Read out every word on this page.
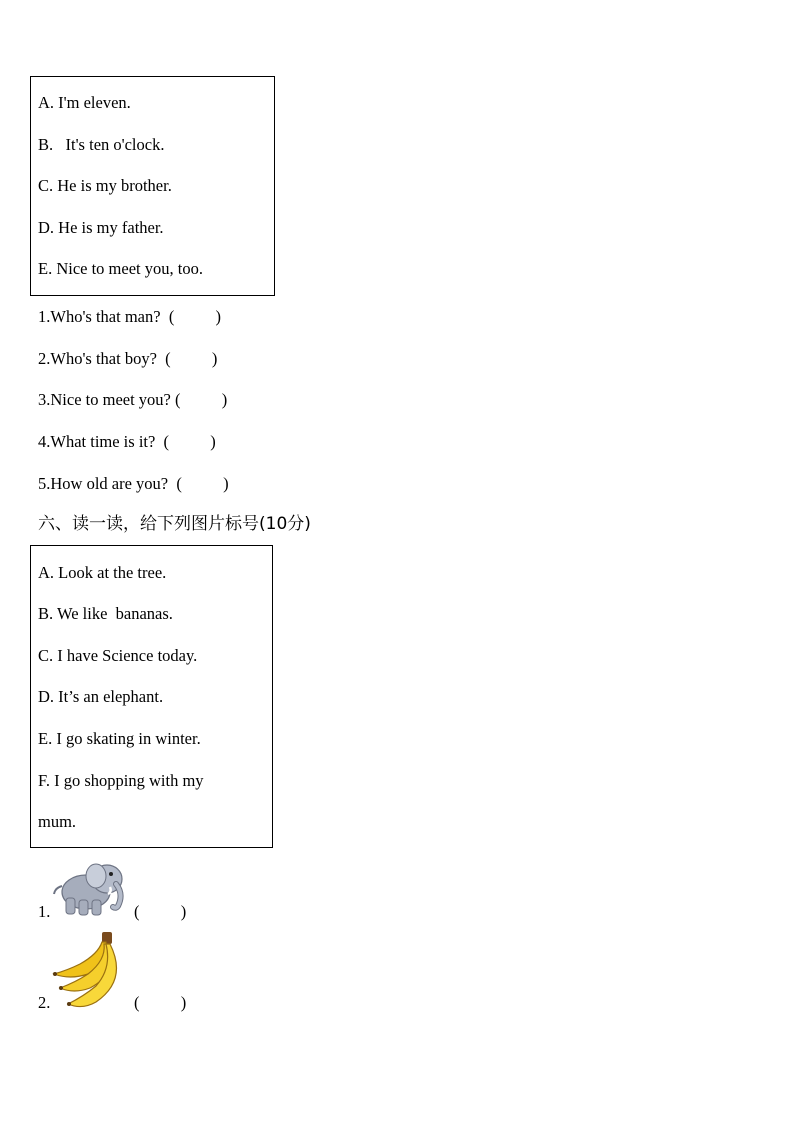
A. I'm eleven.
B.   It's ten o'clock.
C. He is my brother.
D. He is my father.
E. Nice to meet you, too.
1.Who's that man?  (          )
2.Who's that boy?  (          )
3.Nice to meet you? (          )
4.What time is it?  (          )
5.How old are you?  (          )
六、读一读，给下列图片标号(10分)
A. Look at the tree.
B. We like  bananas.
C. I have Science today.
D. It’s an elephant.
E. I go skating in winter.
F. I go shopping with my
mum.
1.	(          )
2.	(          )
